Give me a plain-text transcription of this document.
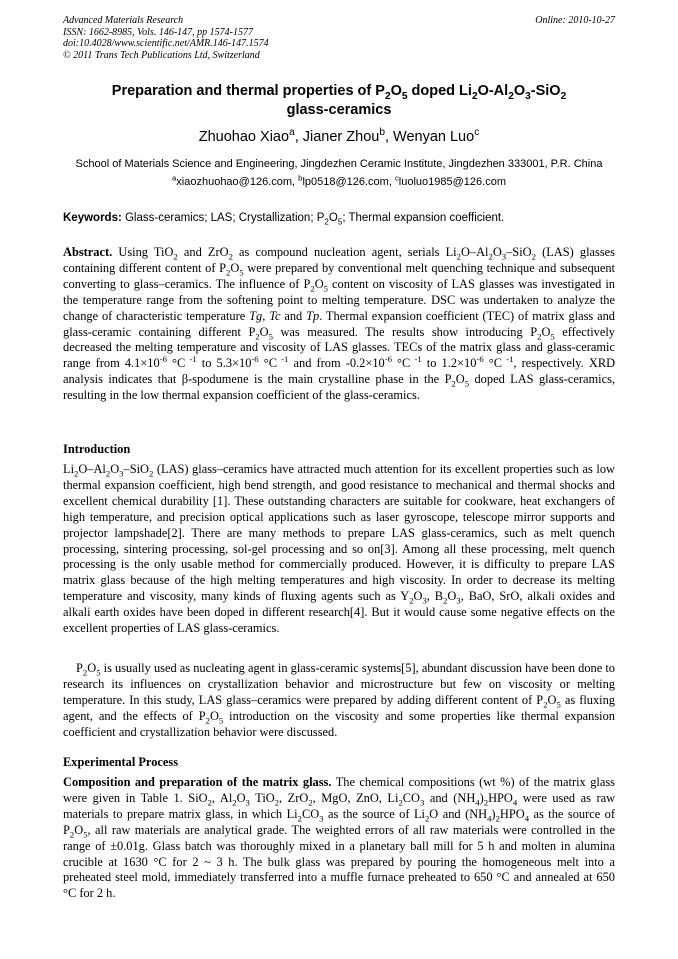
Advanced Materials Research
ISSN: 1662-8985, Vols. 146-147, pp 1574-1577
doi:10.4028/www.scientific.net/AMR.146-147.1574
© 2011 Trans Tech Publications Ltd, Switzerland
Online: 2010-10-27
Preparation and thermal properties of $P_2O_5$ doped $Li_2O-Al_2O_3-SiO_2$
glass-ceramics
Zhuohao Xiao$^a$, Jianer Zhou$^b$, Wenyan Luo$^c$
School of Materials Science and Engineering, Jingdezhen Ceramic Institute, Jingdezhen 333001, P.R. China
$^a$xiaozhuohao@126.com, $^b$lp0518@126.com, $^c$luoluo1985@126.com
Keywords: Glass-ceramics; LAS; Crystallization; $P_2O_5$; Thermal expansion coefficient.
Abstract. Using TiO$_2$ and ZrO$_2$ as compound nucleation agent, serials $Li_2O-Al_2O_3-SiO_2$ (LAS) glasses containing different content of $P_2O_5$ were prepared by conventional melt quenching technique and subsequent converting to glass–ceramics. The influence of $P_2O_5$ content on viscosity of LAS glasses was investigated in the temperature range from the softening point to melting temperature. DSC was undertaken to analyze the change of characteristic temperature Tg, Tc and Tp. Thermal expansion coefficient (TEC) of matrix glass and glass-ceramic containing different $P_2O_5$ was measured. The results show introducing $P_2O_5$ effectively decreased the melting temperature and viscosity of LAS glasses. TECs of the matrix glass and glass-ceramic range from $4.1\times 10^{-6}$ °C $^{-1}$ to $5.3\times 10^{-6}$ °C $^{-1}$ and from $-0.2\times 10^{-6}$ °C $^{-1}$ to $1.2\times 10^{-6}$ °C $^{-1}$, respectively. XRD analysis indicates that β-spodumene is the main crystalline phase in the $P_2O_5$ doped LAS glass-ceramics, resulting in the low thermal expansion coefficient of the glass-ceramics.
Introduction
$Li_2O-Al_2O_3-SiO_2$ (LAS) glass–ceramics have attracted much attention for its excellent properties such as low thermal expansion coefficient, high bend strength, and good resistance to mechanical and thermal shocks and excellent chemical durability [1]. These outstanding characters are suitable for cookware, heat exchangers of high temperature, and precision optical applications such as laser gyroscope, telescope mirror supports and projector lampshade[2]. There are many methods to prepare LAS glass-ceramics, such as melt quench processing, sintering processing, sol-gel processing and so on[3]. Among all these processing, melt quench processing is the only usable method for commercially produced. However, it is difficulty to prepare LAS matrix glass because of the high melting temperatures and high viscosity. In order to decrease its melting temperature and viscosity, many kinds of fluxing agents such as $Y_2O_3$, $B_2O_3$, BaO, SrO, alkali oxides and alkali earth oxides have been doped in different research[4]. But it would cause some negative effects on the excellent properties of LAS glass-ceramics.
$P_2O_5$ is usually used as nucleating agent in glass-ceramic systems[5], abundant discussion have been done to research its influences on crystallization behavior and microstructure but few on viscosity or melting temperature. In this study, LAS glass–ceramics were prepared by adding different content of $P_2O_5$ as fluxing agent, and the effects of $P_2O_5$ introduction on the viscosity and some properties like thermal expansion coefficient and crystallization behavior were discussed.
Experimental Process
Composition and preparation of the matrix glass. The chemical compositions (wt %) of the matrix glass were given in Table 1. SiO$_2$, $Al_2O_3$ TiO$_2$, ZrO$_2$, MgO, ZnO, $Li_2CO_3$ and $(NH_4)_2HPO_4$ were used as raw materials to prepare matrix glass, in which $Li_2CO_3$ as the source of $Li_2O$ and $(NH_4)_2HPO_4$ as the source of $P_2O_5$, all raw materials are analytical grade. The weighted errors of all raw materials were controlled in the range of ±0.01g. Glass batch was thoroughly mixed in a planetary ball mill for 5 h and molten in alumina crucible at 1630 °C for 2 ~ 3 h. The bulk glass was prepared by pouring the homogeneous melt into a preheated steel mold, immediately transferred into a muffle furnace preheated to 650 °C and annealed at 650 °C for 2 h.
